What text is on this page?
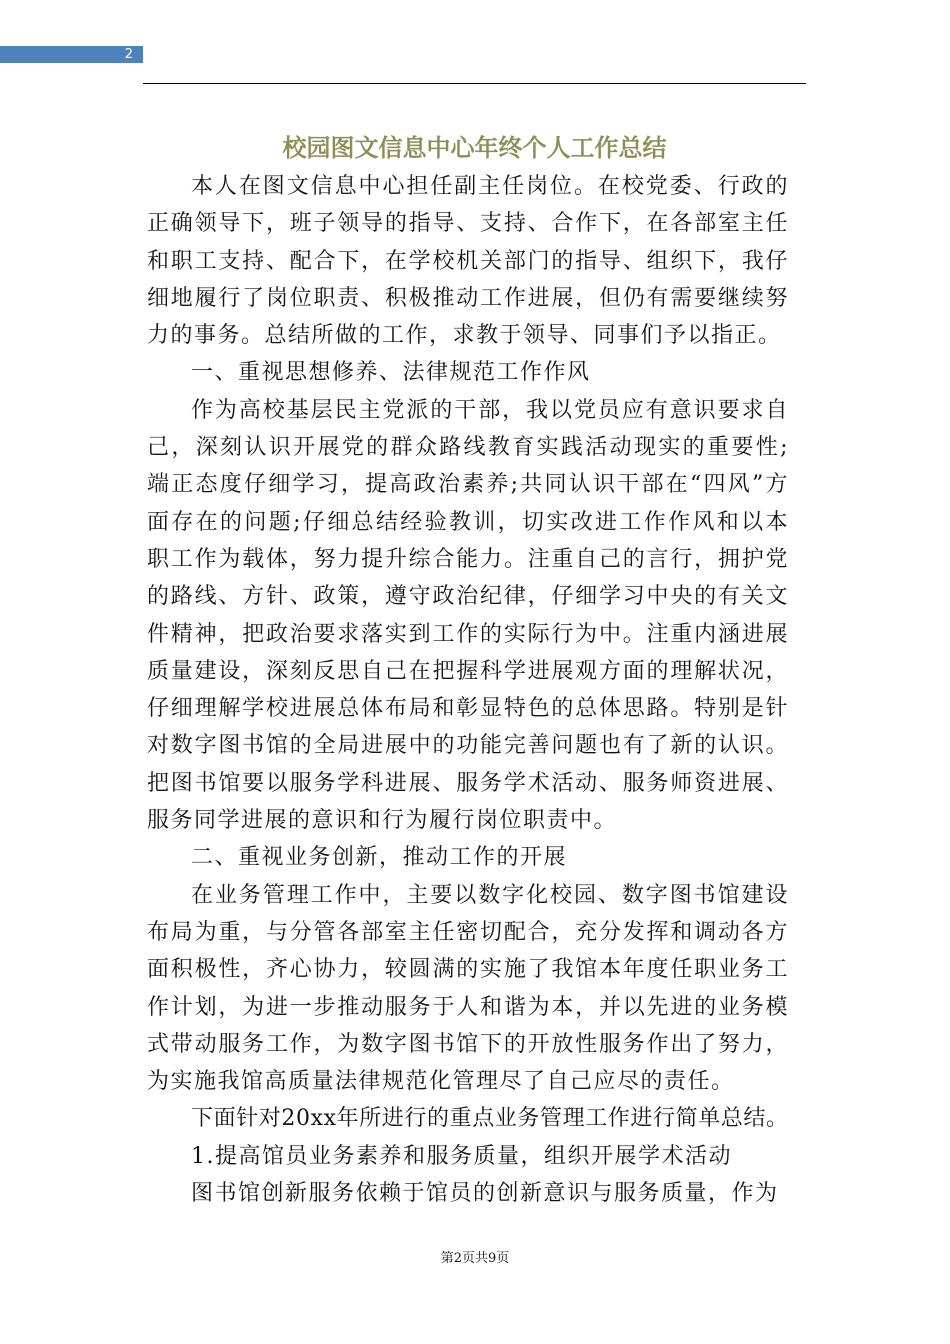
2
校园图文信息中心年终个人工作总结

本人在图文信息中心担任副主任岗位。在校党委、行政的正确领导下，班子领导的指导、支持、合作下，在各部室主任和职工支持、配合下，在学校机关部门的指导、组织下，我仔细地履行了岗位职责、积极推动工作进展，但仍有需要继续努力的事务。总结所做的工作，求教于领导、同事们予以指正。

一、重视思想修养、法律规范工作作风

作为高校基层民主党派的干部，我以党员应有意识要求自己，深刻认识开展党的群众路线教育实践活动现实的重要性;端正态度仔细学习，提高政治素养;共同认识干部在“四风”方面存在的问题;仔细总结经验教训，切实改进工作作风和以本职工作为载体，努力提升综合能力。注重自己的言行，拥护党的路线、方针、政策，遵守政治纪律，仔细学习中央的有关文件精神，把政治要求落实到工作的实际行为中。注重内涵进展质量建设，深刻反思自己在把握科学进展观方面的理解状况，仔细理解学校进展总体布局和彰显特色的总体思路。特别是针对数字图书馆的全局进展中的功能完善问题也有了新的认识。把图书馆要以服务学科进展、服务学术活动、服务师资进展、服务同学进展的意识和行为履行岗位职责中。

二、重视业务创新，推动工作的开展

在业务管理工作中，主要以数字化校园、数字图书馆建设布局为重，与分管各部室主任密切配合，充分发挥和调动各方面积极性，齐心协力，较圆满的实施了我馆本年度任职业务工作计划，为进一步推动服务于人和谐为本，并以先进的业务模式带动服务工作，为数字图书馆下的开放性服务作出了努力，为实施我馆高质量法律规范化管理尽了自己应尽的责任。

下面针对20xx年所进行的重点业务管理工作进行简单总结。

1.提高馆员业务素养和服务质量，组织开展学术活动

图书馆创新服务依赖于馆员的创新意识与服务质量，作为

第2页共9页
